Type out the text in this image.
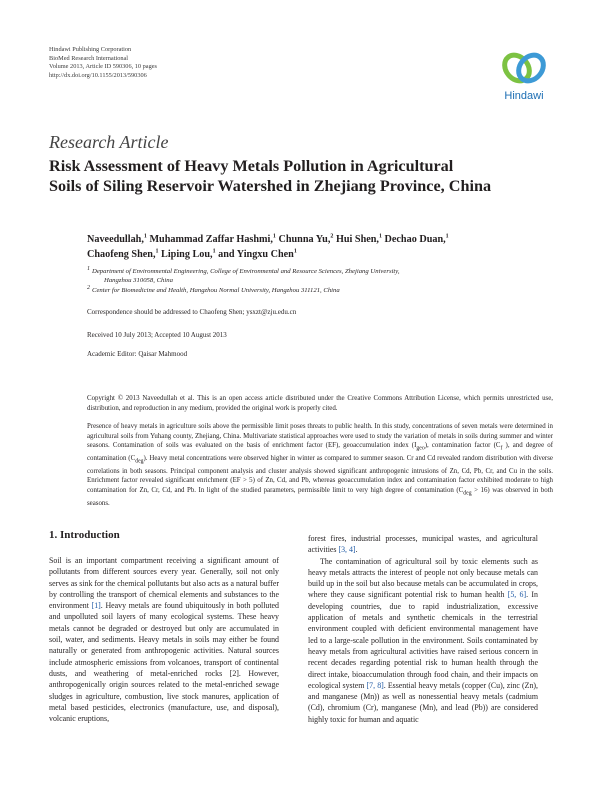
Hindawi Publishing Corporation
BioMed Research International
Volume 2013, Article ID 590306, 10 pages
http://dx.doi.org/10.1155/2013/590306
Hindawi
Research Article
Risk Assessment of Heavy Metals Pollution in Agricultural
Soils of Siling Reservoir Watershed in Zhejiang Province, China
Naveedullah,$^1$ Muhammad Zaffar Hashmi,$^1$ Chunna Yu,$^2$ Hui Shen,$^1$ Dechao Duan,$^1$
Chaofeng Shen,$^1$ Liping Lou,$^1$ and Yingxu Chen$^1$
1 Department of Environmental Engineering, College of Environmental and Resource Sciences, Zhejiang University,
Hangzhou 310058, China
2 Center for Biomedicine and Health, Hangzhou Normal University, Hangzhou 311121, China
Correspondence should be addressed to Chaofeng Shen; ysxzt@zju.edu.cn
Received 10 July 2013; Accepted 10 August 2013
Academic Editor: Qaisar Mahmood
Copyright © 2013 Naveedullah et al. This is an open access article distributed under the Creative Commons Attribution License, which permits unrestricted use, distribution, and reproduction in any medium, provided the original work is properly cited.
Presence of heavy metals in agriculture soils above the permissible limit poses threats to public health. In this study, concentrations of seven metals were determined in agricultural soils from Yuhang county, Zhejiang, China. Multivariate statistical approaches were used to study the variation of metals in soils during summer and winter seasons. Contamination of soils was evaluated on the basis of enrichment factor (EF), geoaccumulation index $(I_{geo})$, contamination factor ($C_f$ ), and degree of contamination $(C_{deg})$. Heavy metal concentrations were observed higher in winter as compared to summer season. Cr and Cd revealed random distribution with diverse correlations in both seasons. Principal component analysis and cluster analysis showed significant anthropogenic intrusions of Zn, Cd, Pb, Cr, and Cu in the soils. Enrichment factor revealed significant enrichment (EF > 5) of Zn, Cd, and Pb, whereas geoaccumulation index and contamination factor exhibited moderate to high contamination for Zn, Cr, Cd, and Pb. In light of the studied parameters, permissible limit to very high degree of contamination $(C_{deg} > 16)$ was observed in both seasons.

1. Introduction

Soil is an important compartment receiving a significant amount of pollutants from different sources every year. Generally, soil not only serves as sink for the chemical pollutants but also acts as a natural buffer by controlling the transport of chemical elements and substances to the environment [1]. Heavy metals are found ubiquitously in both polluted and unpolluted soil layers of many ecological systems. These heavy metals cannot be degraded or destroyed but only are accumulated in soil, water, and sediments. Heavy metals in soils may either be found naturally or generated from anthropogenic activities. Natural sources include atmospheric emissions from volcanoes, transport of continental dusts, and weathering of metal-enriched rocks [2]. However, anthropogenically origin sources related to the metal-enriched sewage sludges in agriculture, combustion, live stock manures, application of metal based pesticides, electronics (manufacture, use, and disposal), volcanic eruptions,

forest fires, industrial processes, municipal wastes, and agricultural activities [3, 4].

The contamination of agricultural soil by toxic elements such as heavy metals attracts the interest of people not only because metals can build up in the soil but also because metals can be accumulated in crops, where they cause significant potential risk to human health [5, 6]. In developing countries, due to rapid industrialization, excessive application of metals and synthetic chemicals in the terrestrial environment coupled with deficient environmental management have led to a large-scale pollution in the environment. Soils contaminated by heavy metals from agricultural activities have raised serious concern in recent decades regarding potential risk to human health through the direct intake, bioaccumulation through food chain, and their impacts on ecological system [7, 8]. Essential heavy metals (copper (Cu), zinc (Zn), and manganese (Mn)) as well as nonessential heavy metals (cadmium (Cd), chromium (Cr), manganese (Mn), and lead (Pb)) are considered highly toxic for human and aquatic
